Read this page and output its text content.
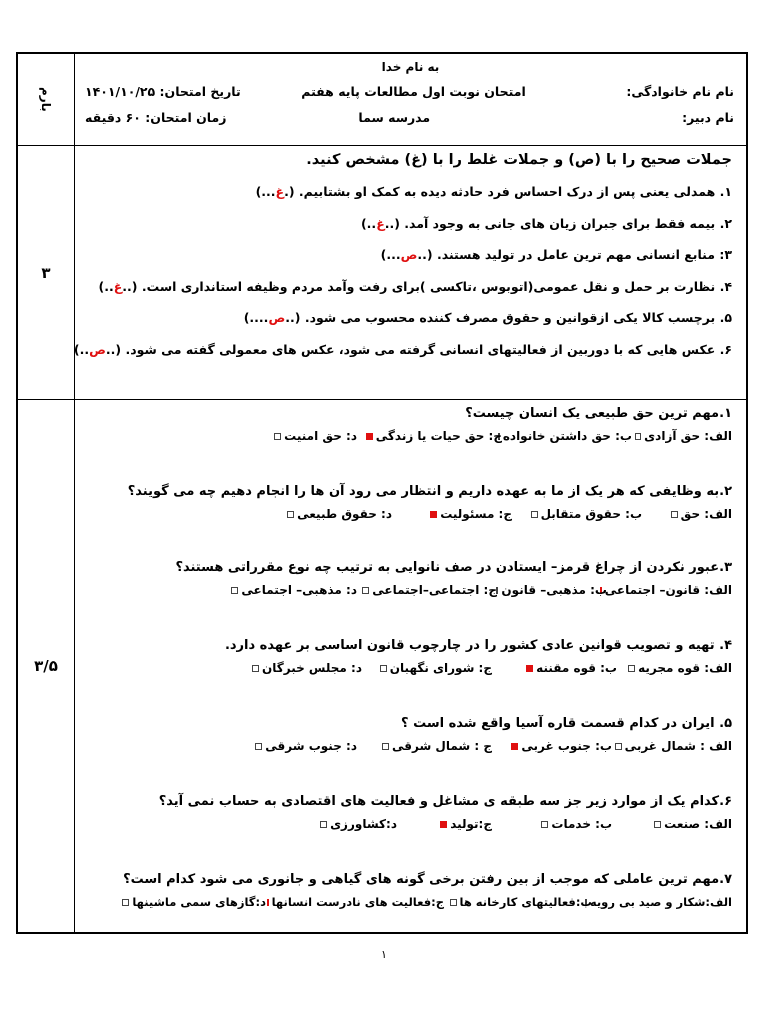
بارم
به نام خدا
نام نام خانوادگی:
امتحان نوبت اول مطالعات پایه هفتم
تاریخ امتحان: ۱۴۰۱/۱۰/۲۵
نام دبیر:
مدرسه سما
زمان امتحان: ۶۰ دقیقه
۳
جملات صحیح را با (ص) و جملات غلط را با (غ) مشخص کنید.
۱. همدلی یعنی پس از درک احساس فرد حادثه دیده به کمک او بشتابیم. (.غ...)
۲. بیمه فقط برای جبران زیان های جانی به وجود آمد. (..غ..)
۳: منابع انسانی مهم ترین عامل در تولید هستند. (..ص...)
۴. نظارت بر حمل و نقل عمومی(اتوبوس ،تاکسی )برای رفت وآمد مردم وظیفه استانداری است. (..غ..)
۵. برچسب کالا یکی ازقوانین و حقوق مصرف کننده محسوب می شود. (..ص....)
۶. عکس هایی که با دوربین از فعالیتهای انسانی گرفته می شود، عکس های معمولی گفته می شود. (..ص..)
۳/۵
۱.مهم ترین حق طبیعی یک انسان چیست؟
الف: حق آزادی
ب: حق داشتن خانواده
ج: حق حیات یا زندگی
د: حق امنیت
۲.به وظایفی که هر یک از ما به عهده داریم و انتظار می رود آن ها را انجام دهیم چه می گویند؟
الف: حق
ب: حقوق متقابل
ج: مسئولیت
د: حقوق طبیعی
۳.عبور نکردن از چراغ قرمز– ایستادن در صف نانوایی به ترتیب چه نوع مقرراتی هستند؟
الف: قانون– اجتماعی
ب: مذهبی– قانون
ج: اجتماعی–اجتماعی
د: مذهبی– اجتماعی
۴. تهیه و تصویب قوانین عادی کشور را در چارچوب قانون اساسی بر عهده دارد.
الف: قوه مجریه
ب: قوه مقننه
ج: شورای نگهبان
د: مجلس خبرگان
۵. ایران در کدام قسمت قاره آسیا واقع شده است ؟
الف : شمال غربی
ب: جنوب غربی
ج : شمال شرقی
د: جنوب شرقی
۶.کدام یک از موارد زیر جز سه طبقه ی مشاغل و فعالیت های اقتصادی به حساب نمی آید؟
الف: صنعت
ب: خدمات
ج:تولید
د:کشاورزی
۷.مهم ترین عاملی که موجب از بین رفتن برخی گونه های گیاهی و جانوری می شود کدام است؟
الف:شکار و صید بی رویه
ب:فعالیتهای کارخانه ها
ج:فعالیت های نادرست انسانها
د:گازهای سمی ماشینها
۱
